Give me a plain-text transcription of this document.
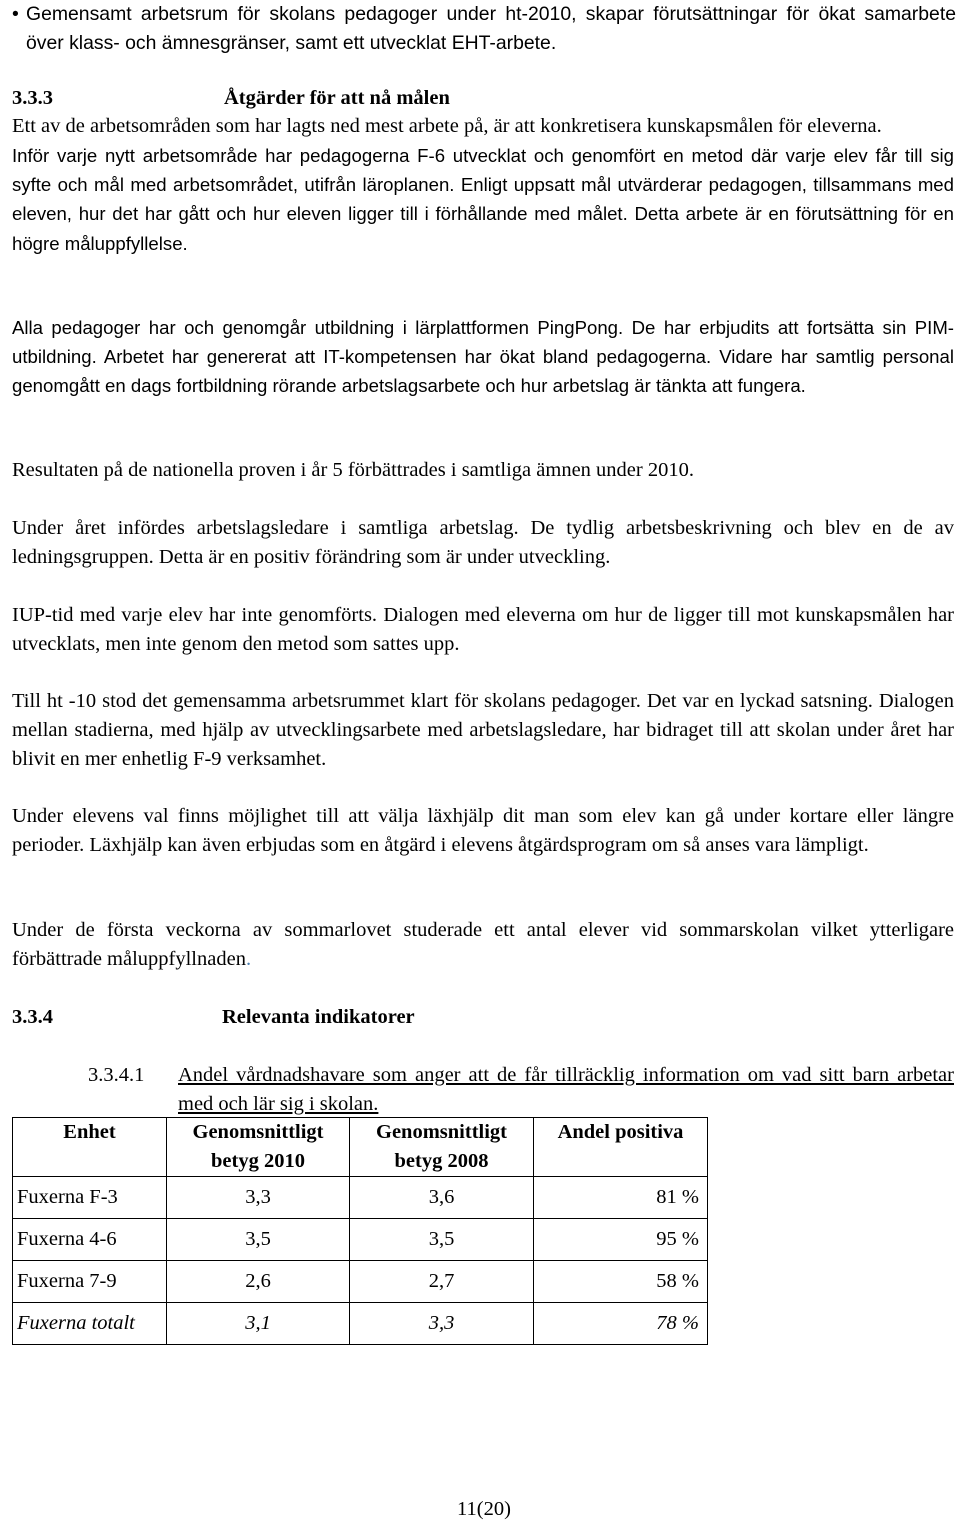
• Gemensamt arbetsrum för skolans pedagoger under ht-2010, skapar förutsättningar för ökat samarbete över klass- och ämnesgränser, samt ett utvecklat EHT-arbete.
3.3.3	Åtgärder för att nå målen

Ett av de arbetsområden som har lagts ned mest arbete på, är att konkretisera kunskapsmålen för eleverna.

Inför varje nytt arbetsområde har pedagogerna F-6 utvecklat och genomfört en metod där varje elev får till sig syfte och mål med arbetsområdet, utifrån läroplanen. Enligt uppsatt mål utvärderar pedagogen, tillsammans med eleven, hur det har gått och hur eleven ligger till i förhållande med målet. Detta arbete är en förutsättning för en högre måluppfyllelse.

Alla pedagoger har och genomgår utbildning i lärplattformen PingPong. De har erbjudits att fortsätta sin PIM-utbildning. Arbetet har genererat att IT-kompetensen har ökat bland pedagogerna. Vidare har samtlig personal genomgått en dags fortbildning rörande arbetslagsarbete och hur arbetslag är tänkta att fungera.

Resultaten på de nationella proven i år 5 förbättrades i samtliga ämnen under 2010.

Under året infördes arbetslagsledare i samtliga arbetslag. De tydlig arbetsbeskrivning och blev en de av ledningsgruppen. Detta är en positiv förändring som är under utveckling.

IUP-tid med varje elev har inte genomförts. Dialogen med eleverna om hur de ligger till mot kunskapsmålen har utvecklats, men inte genom den metod som sattes upp.

Till ht -10 stod det gemensamma arbetsrummet klart för skolans pedagoger. Det var en lyckad satsning. Dialogen mellan stadierna, med hjälp av utvecklingsarbete med arbetslagsledare, har bidraget till att skolan under året har blivit en mer enhetlig F-9 verksamhet.

Under elevens val finns möjlighet till att välja läxhjälp dit man som elev kan gå under kortare eller längre perioder. Läxhjälp kan även erbjudas som en åtgärd i elevens åtgärdsprogram om så anses vara lämpligt.

Under de första veckorna av sommarlovet studerade ett antal elever vid sommarskolan vilket ytterligare förbättrade måluppfyllnaden.

3.3.4	Relevanta indikatorer
3.3.4.1 Andel vårdnadshavare som anger att de får tillräcklig information om vad sitt barn arbetar med och lär sig i skolan.
Enhet	Genomsnittligt betyg 2010	Genomsnittligt betyg 2008	Andel positiva
Fuxerna F-3	3,3	3,6	81 %
Fuxerna 4-6	3,5	3,5	95 %
Fuxerna 7-9	2,6	2,7	58 %
Fuxerna totalt	3,1	3,3	78 %
11(20)
